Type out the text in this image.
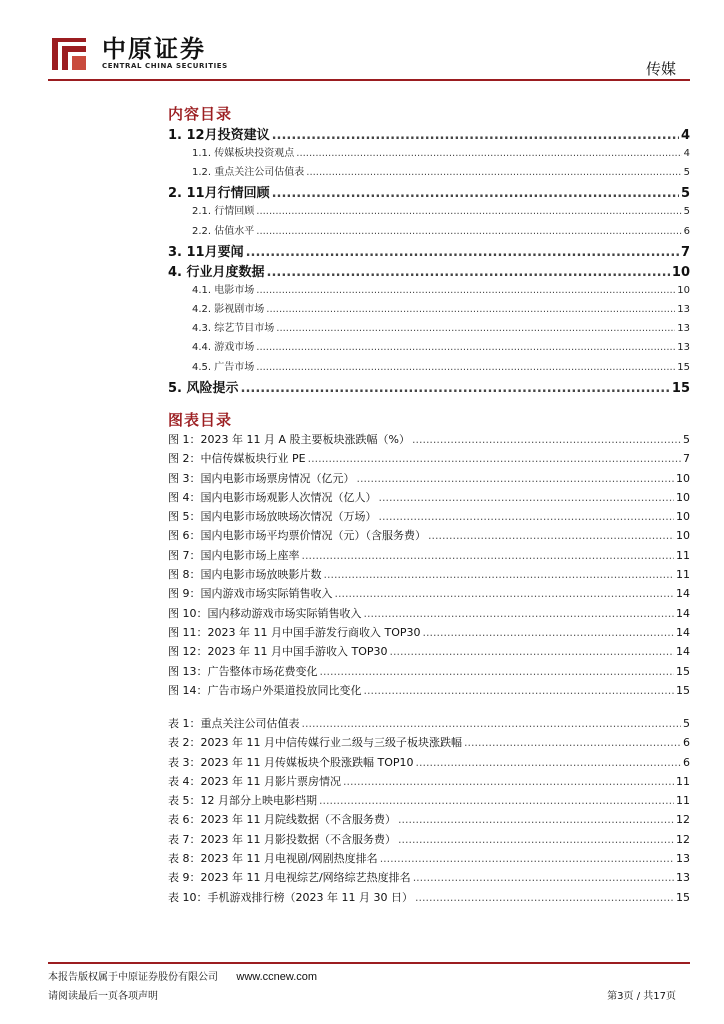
中原证券
CENTRAL CHINA SECURITIES	传媒
内容目录
1. 12月投资建议 .....	4
1.1. 传媒板块投资观点 .....	4
1.2. 重点关注公司估值表 .....	5
2. 11月行情回顾 .....	5
2.1. 行情回顾 .....	5
2.2. 估值水平 .....	6
3. 11月要闻 .....	7
4. 行业月度数据 .....	10
4.1. 电影市场 .....	10
4.2. 影视剧市场 .....	13
4.3. 综艺节目市场 .....	13
4.4. 游戏市场 .....	13
4.5. 广告市场 .....	15
5. 风险提示 .....	15
图表目录
图 1：2023 年 11 月 A 股主要板块涨跌幅（%） .....	5
图 2：中信传媒板块行业 PE .....	7
图 3：国内电影市场票房情况（亿元） .....	10
图 4：国内电影市场观影人次情况（亿人） .....	10
图 5：国内电影市场放映场次情况（万场） .....	10
图 6：国内电影市场平均票价情况（元）（含服务费） .....	10
图 7：国内电影市场上座率 .....	11
图 8：国内电影市场放映影片数 .....	11
图 9：国内游戏市场实际销售收入 .....	14
图 10：国内移动游戏市场实际销售收入 .....	14
图 11：2023 年 11 月中国手游发行商收入 TOP30 .....	14
图 12：2023 年 11 月中国手游收入 TOP30 .....	14
图 13：广告整体市场花费变化 .....	15
图 14：广告市场户外渠道投放同比变化 .....	15
表 1：重点关注公司估值表 .....	5
表 2：2023 年 11 月中信传媒行业二级与三级子板块涨跌幅 .....	6
表 3：2023 年 11 月传媒板块个股涨跌幅 TOP10 .....	6
表 4：2023 年 11 月影片票房情况 .....	11
表 5：12 月部分上映电影档期 .....	11
表 6：2023 年 11 月院线数据（不含服务费） .....	12
表 7：2023 年 11 月影投数据（不含服务费） .....	12
表 8：2023 年 11 月电视剧/网剧热度排名 .....	13
表 9：2023 年 11 月电视综艺/网络综艺热度排名 .....	13
表 10：手机游戏排行榜（2023 年 11 月 30 日） .....	15
本报告版权属于中原证券股份有限公司 www.ccnew.com
请阅读最后一页各项声明	第3页 / 共17页
